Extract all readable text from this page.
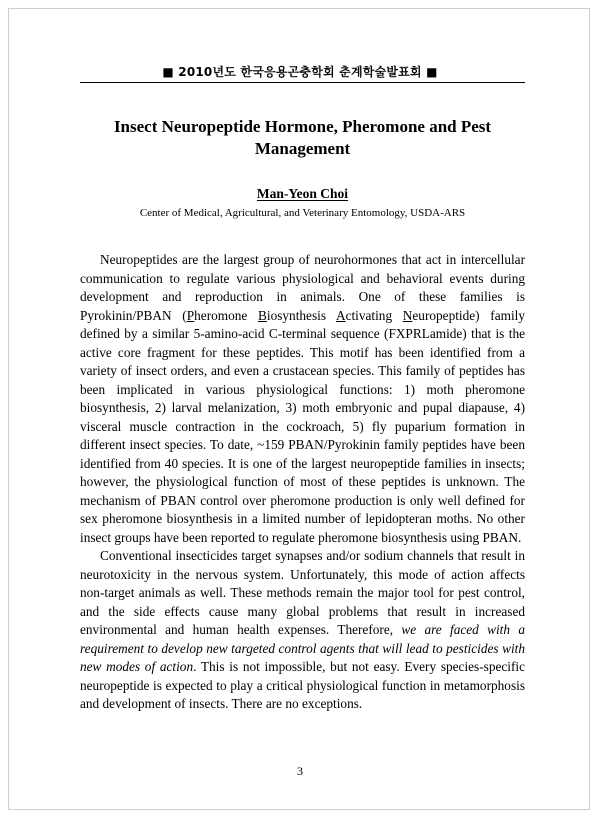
■ 2010년도 한국응용곤충학회 춘계학술발표회 ■
Insect Neuropeptide Hormone, Pheromone and Pest
Management
Man-Yeon Choi
Center of Medical, Agricultural, and Veterinary Entomology, USDA-ARS

Neuropeptides are the largest group of neurohormones that act in intercellular communication to regulate various physiological and behavioral events during development and reproduction in animals. One of these families is Pyrokinin/PBAN (Pheromone Biosynthesis Activating Neuropeptide) family defined by a similar 5-amino-acid C-terminal sequence (FXPRLamide) that is the active core fragment for these peptides. This motif has been identified from a variety of insect orders, and even a crustacean species. This family of peptides has been implicated in various physiological functions: 1) moth pheromone biosynthesis, 2) larval melanization, 3) moth embryonic and pupal diapause, 4) visceral muscle contraction in the cockroach, 5) fly puparium formation in different insect species. To date, ~159 PBAN/Pyrokinin family peptides have been identified from 40 species. It is one of the largest neuropeptide families in insects; however, the physiological function of most of these peptides is unknown. The mechanism of PBAN control over pheromone production is only well defined for sex pheromone biosynthesis in a limited number of lepidopteran moths. No other insect groups have been reported to regulate pheromone biosynthesis using PBAN.

Conventional insecticides target synapses and/or sodium channels that result in neurotoxicity in the nervous system. Unfortunately, this mode of action affects non-target animals as well. These methods remain the major tool for pest control, and the side effects cause many global problems that result in increased environmental and human health expenses. Therefore, we are faced with a requirement to develop new targeted control agents that will lead to pesticides with new modes of action. This is not impossible, but not easy. Every species-specific neuropeptide is expected to play a critical physiological function in metamorphosis and development of insects. There are no exceptions.

3
